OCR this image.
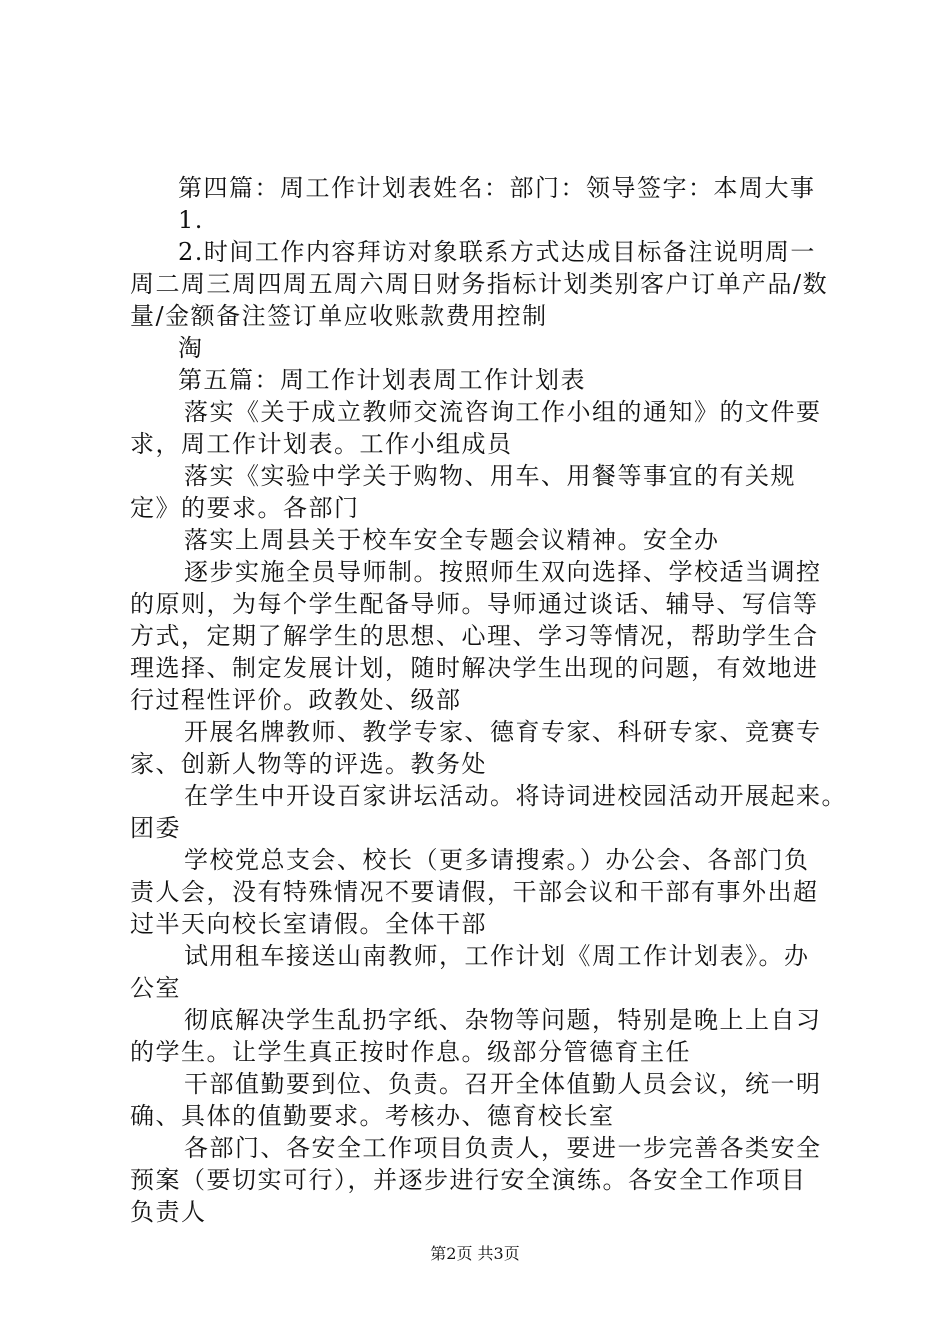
第四篇：周工作计划表姓名：部门：领导签字：本周大事
1.
2.时间工作内容拜访对象联系方式达成目标备注说明周一
周二周三周四周五周六周日财务指标计划类别客户订单产品/数
量/金额备注签订单应收账款费用控制
淘
第五篇：周工作计划表周工作计划表
落实《关于成立教师交流咨询工作小组的通知》的文件要
求，周工作计划表。工作小组成员
落实《实验中学关于购物、用车、用餐等事宜的有关规
定》的要求。各部门
落实上周县关于校车安全专题会议精神。安全办
逐步实施全员导师制。按照师生双向选择、学校适当调控
的原则，为每个学生配备导师。导师通过谈话、辅导、写信等
方式，定期了解学生的思想、心理、学习等情况，帮助学生合
理选择、制定发展计划，随时解决学生出现的问题，有效地进
行过程性评价。政教处、级部
开展名牌教师、教学专家、德育专家、科研专家、竞赛专
家、创新人物等的评选。教务处
在学生中开设百家讲坛活动。将诗词进校园活动开展起来。
团委
学校党总支会、校长（更多请搜索。）办公会、各部门负
责人会，没有特殊情况不要请假，干部会议和干部有事外出超
过半天向校长室请假。全体干部
试用租车接送山南教师，工作计划《周工作计划表》。办
公室
彻底解决学生乱扔字纸、杂物等问题，特别是晚上上自习
的学生。让学生真正按时作息。级部分管德育主任
干部值勤要到位、负责。召开全体值勤人员会议，统一明
确、具体的值勤要求。考核办、德育校长室
各部门、各安全工作项目负责人，要进一步完善各类安全
预案（要切实可行），并逐步进行安全演练。各安全工作项目
负责人
第2页 共3页
